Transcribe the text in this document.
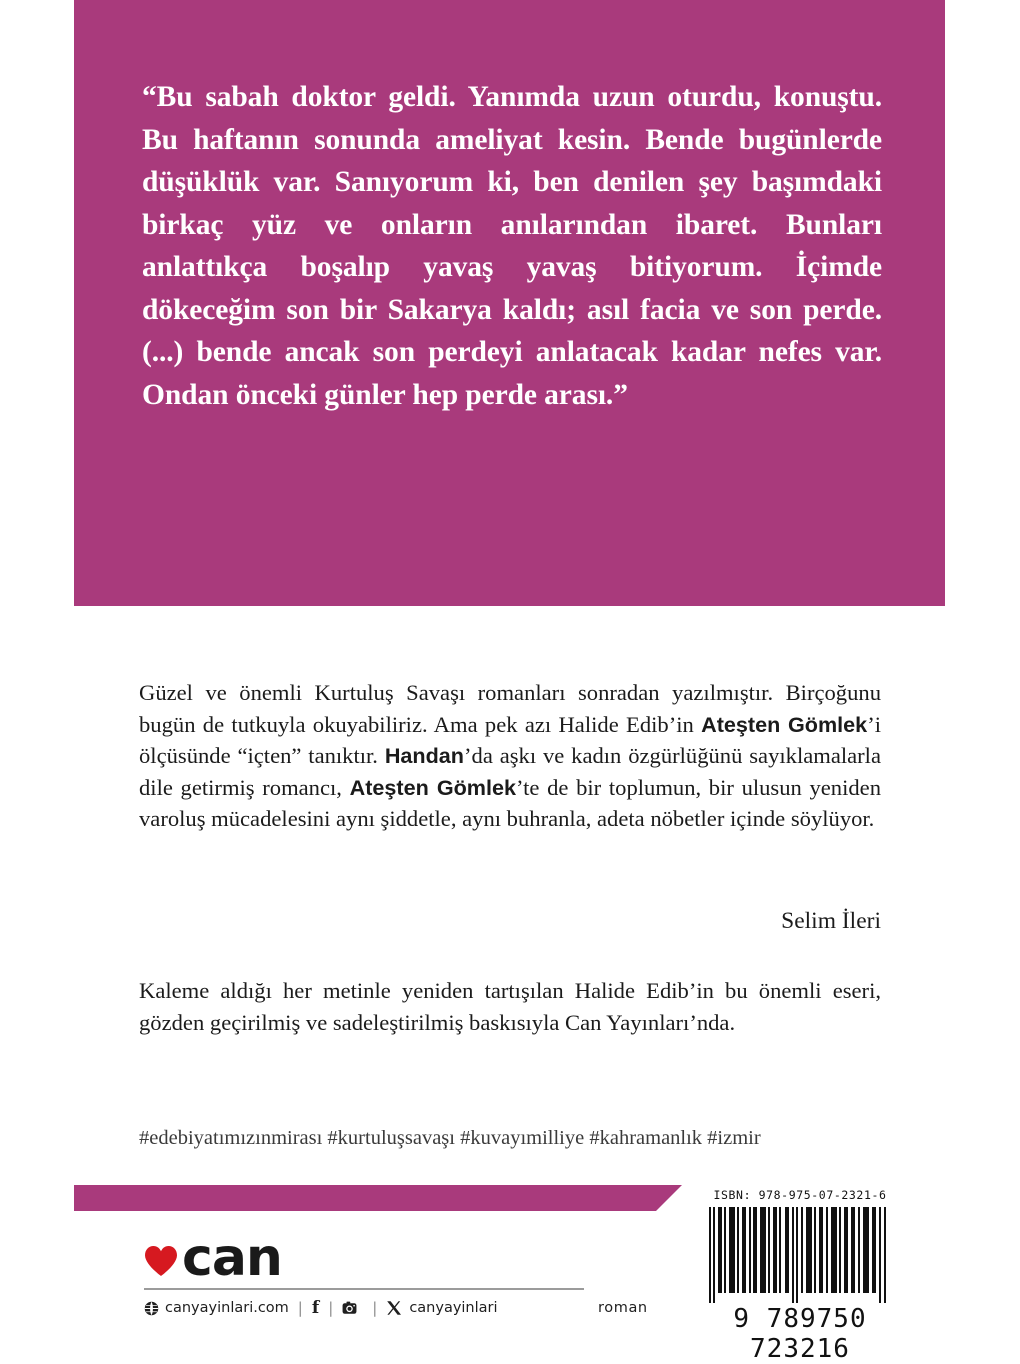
“Bu sabah doktor geldi. Yanımda uzun oturdu, konuştu. Bu haftanın sonunda ameliyat kesin. Bende bugünlerde düşüklük var. Sanıyorum ki, ben denilen şey başımdaki birkaç yüz ve onların anılarından ibaret. Bunları anlattıkça boşalıp yavaş yavaş bitiyorum. İçimde dökeceğim son bir Sakarya kaldı; asıl facia ve son perde. (...) bende ancak son perdeyi anlatacak kadar nefes var. Ondan önceki günler hep perde arası.”

Güzel ve önemli Kurtuluş Savaşı romanları sonradan yazılmıştır. Birçoğunu bugün de tutkuyla okuyabiliriz. Ama pek azı Halide Edib’in Ateşten Gömlek’i ölçüsünde “içten” tanıktır. Handan’da aşkı ve kadın özgürlüğünü sayıklamalarla dile getirmiş romancı, Ateşten Gömlek’te de bir toplumun, bir ulusun yeniden varoluş mücadelesini aynı şiddetle, aynı buhranla, adeta nöbetler içinde söylüyor.

Selim İleri

Kaleme aldığı her metinle yeniden tartışılan Halide Edib’in bu önemli eseri, gözden geçirilmiş ve sadeleştirilmiş baskısıyla Can Yayınları’nda.

#edebiyatımızınmirası #kurtuluşsavaşı #kuvayımilliye #kahramanlık #izmir
can
canyayinlari.com | f |	| canyayinlari	roman
ISBN: 978-975-07-2321-6
9 789750 723216
